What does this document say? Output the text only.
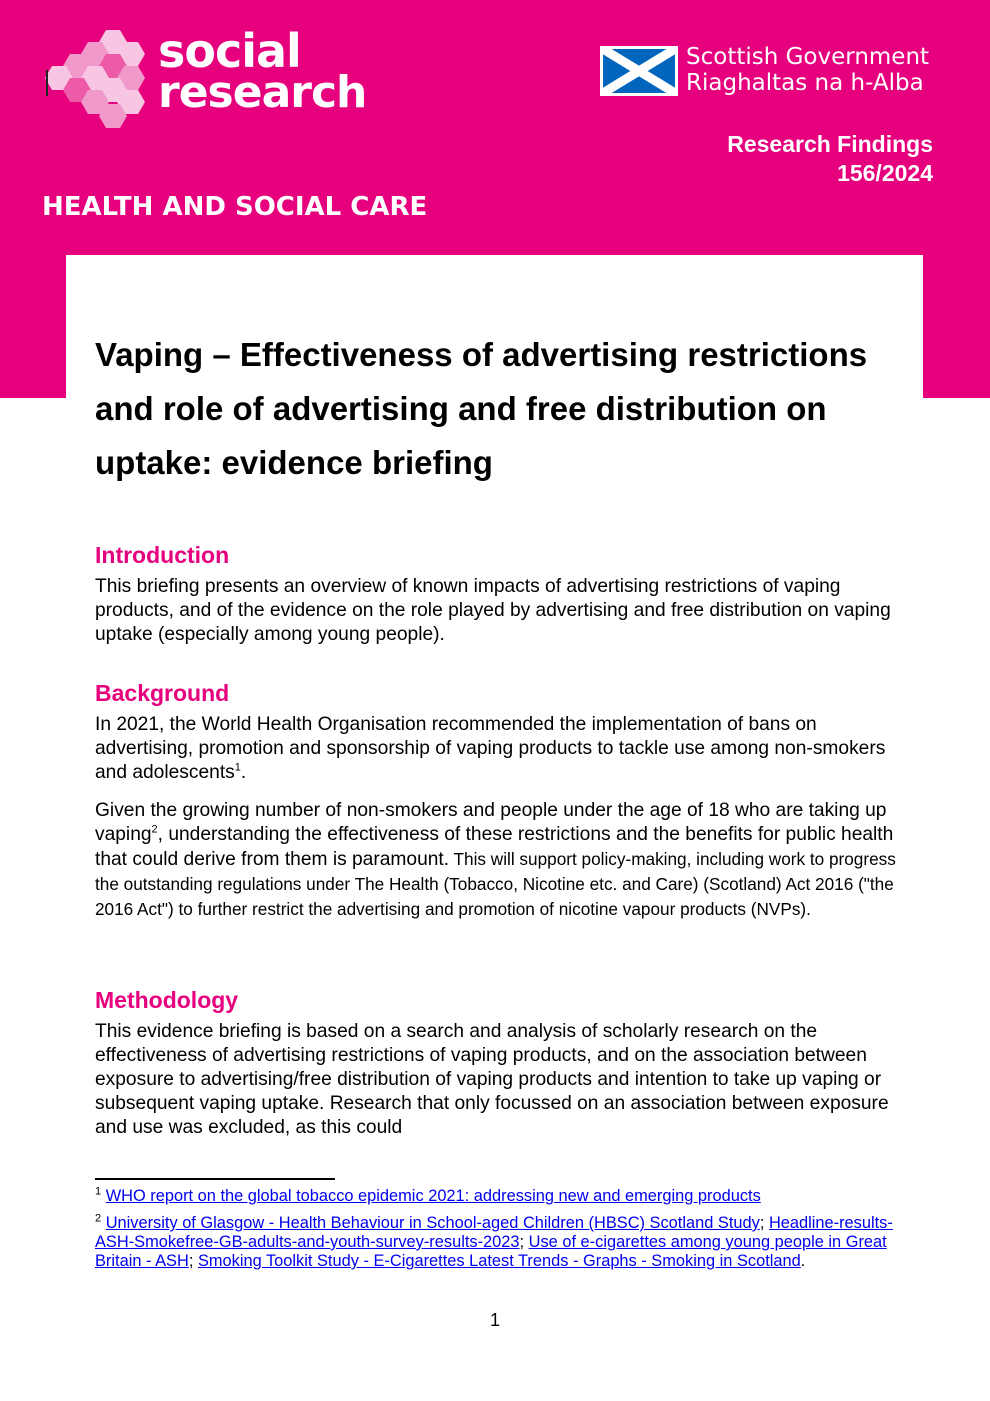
social
research
Scottish Government
Riaghaltas na h-Alba
Research Findings
156/2024
HEALTH AND SOCIAL CARE
Vaping – Effectiveness of advertising restrictions and role of advertising and free distribution on uptake: evidence briefing
Introduction

This briefing presents an overview of known impacts of advertising restrictions of vaping products, and of the evidence on the role played by advertising and free distribution on vaping uptake (especially among young people).

Background

In 2021, the World Health Organisation recommended the implementation of bans on advertising, promotion and sponsorship of vaping products to tackle use among non-smokers and adolescents$^1$.

Given the growing number of non-smokers and people under the age of 18 who are taking up vaping$^2$, understanding the effectiveness of these restrictions and the benefits for public health that could derive from them is paramount. This will support policy-making, including work to progress the outstanding regulations under The Health (Tobacco, Nicotine etc. and Care) (Scotland) Act 2016 ("the 2016 Act") to further restrict the advertising and promotion of nicotine vapour products (NVPs).

Methodology

This evidence briefing is based on a search and analysis of scholarly research on the effectiveness of advertising restrictions of vaping products, and on the association between exposure to advertising/free distribution of vaping products and intention to take up vaping or subsequent vaping uptake. Research that only focussed on an association between exposure and use was excluded, as this could

$^1$ WHO report on the global tobacco epidemic 2021: addressing new and emerging products
$^2$ University of Glasgow - Health Behaviour in School-aged Children (HBSC) Scotland Study; Headline-results-ASH-Smokefree-GB-adults-and-youth-survey-results-2023; Use of e-cigarettes among young people in Great Britain - ASH; Smoking Toolkit Study - E-Cigarettes Latest Trends - Graphs - Smoking in Scotland.
1
